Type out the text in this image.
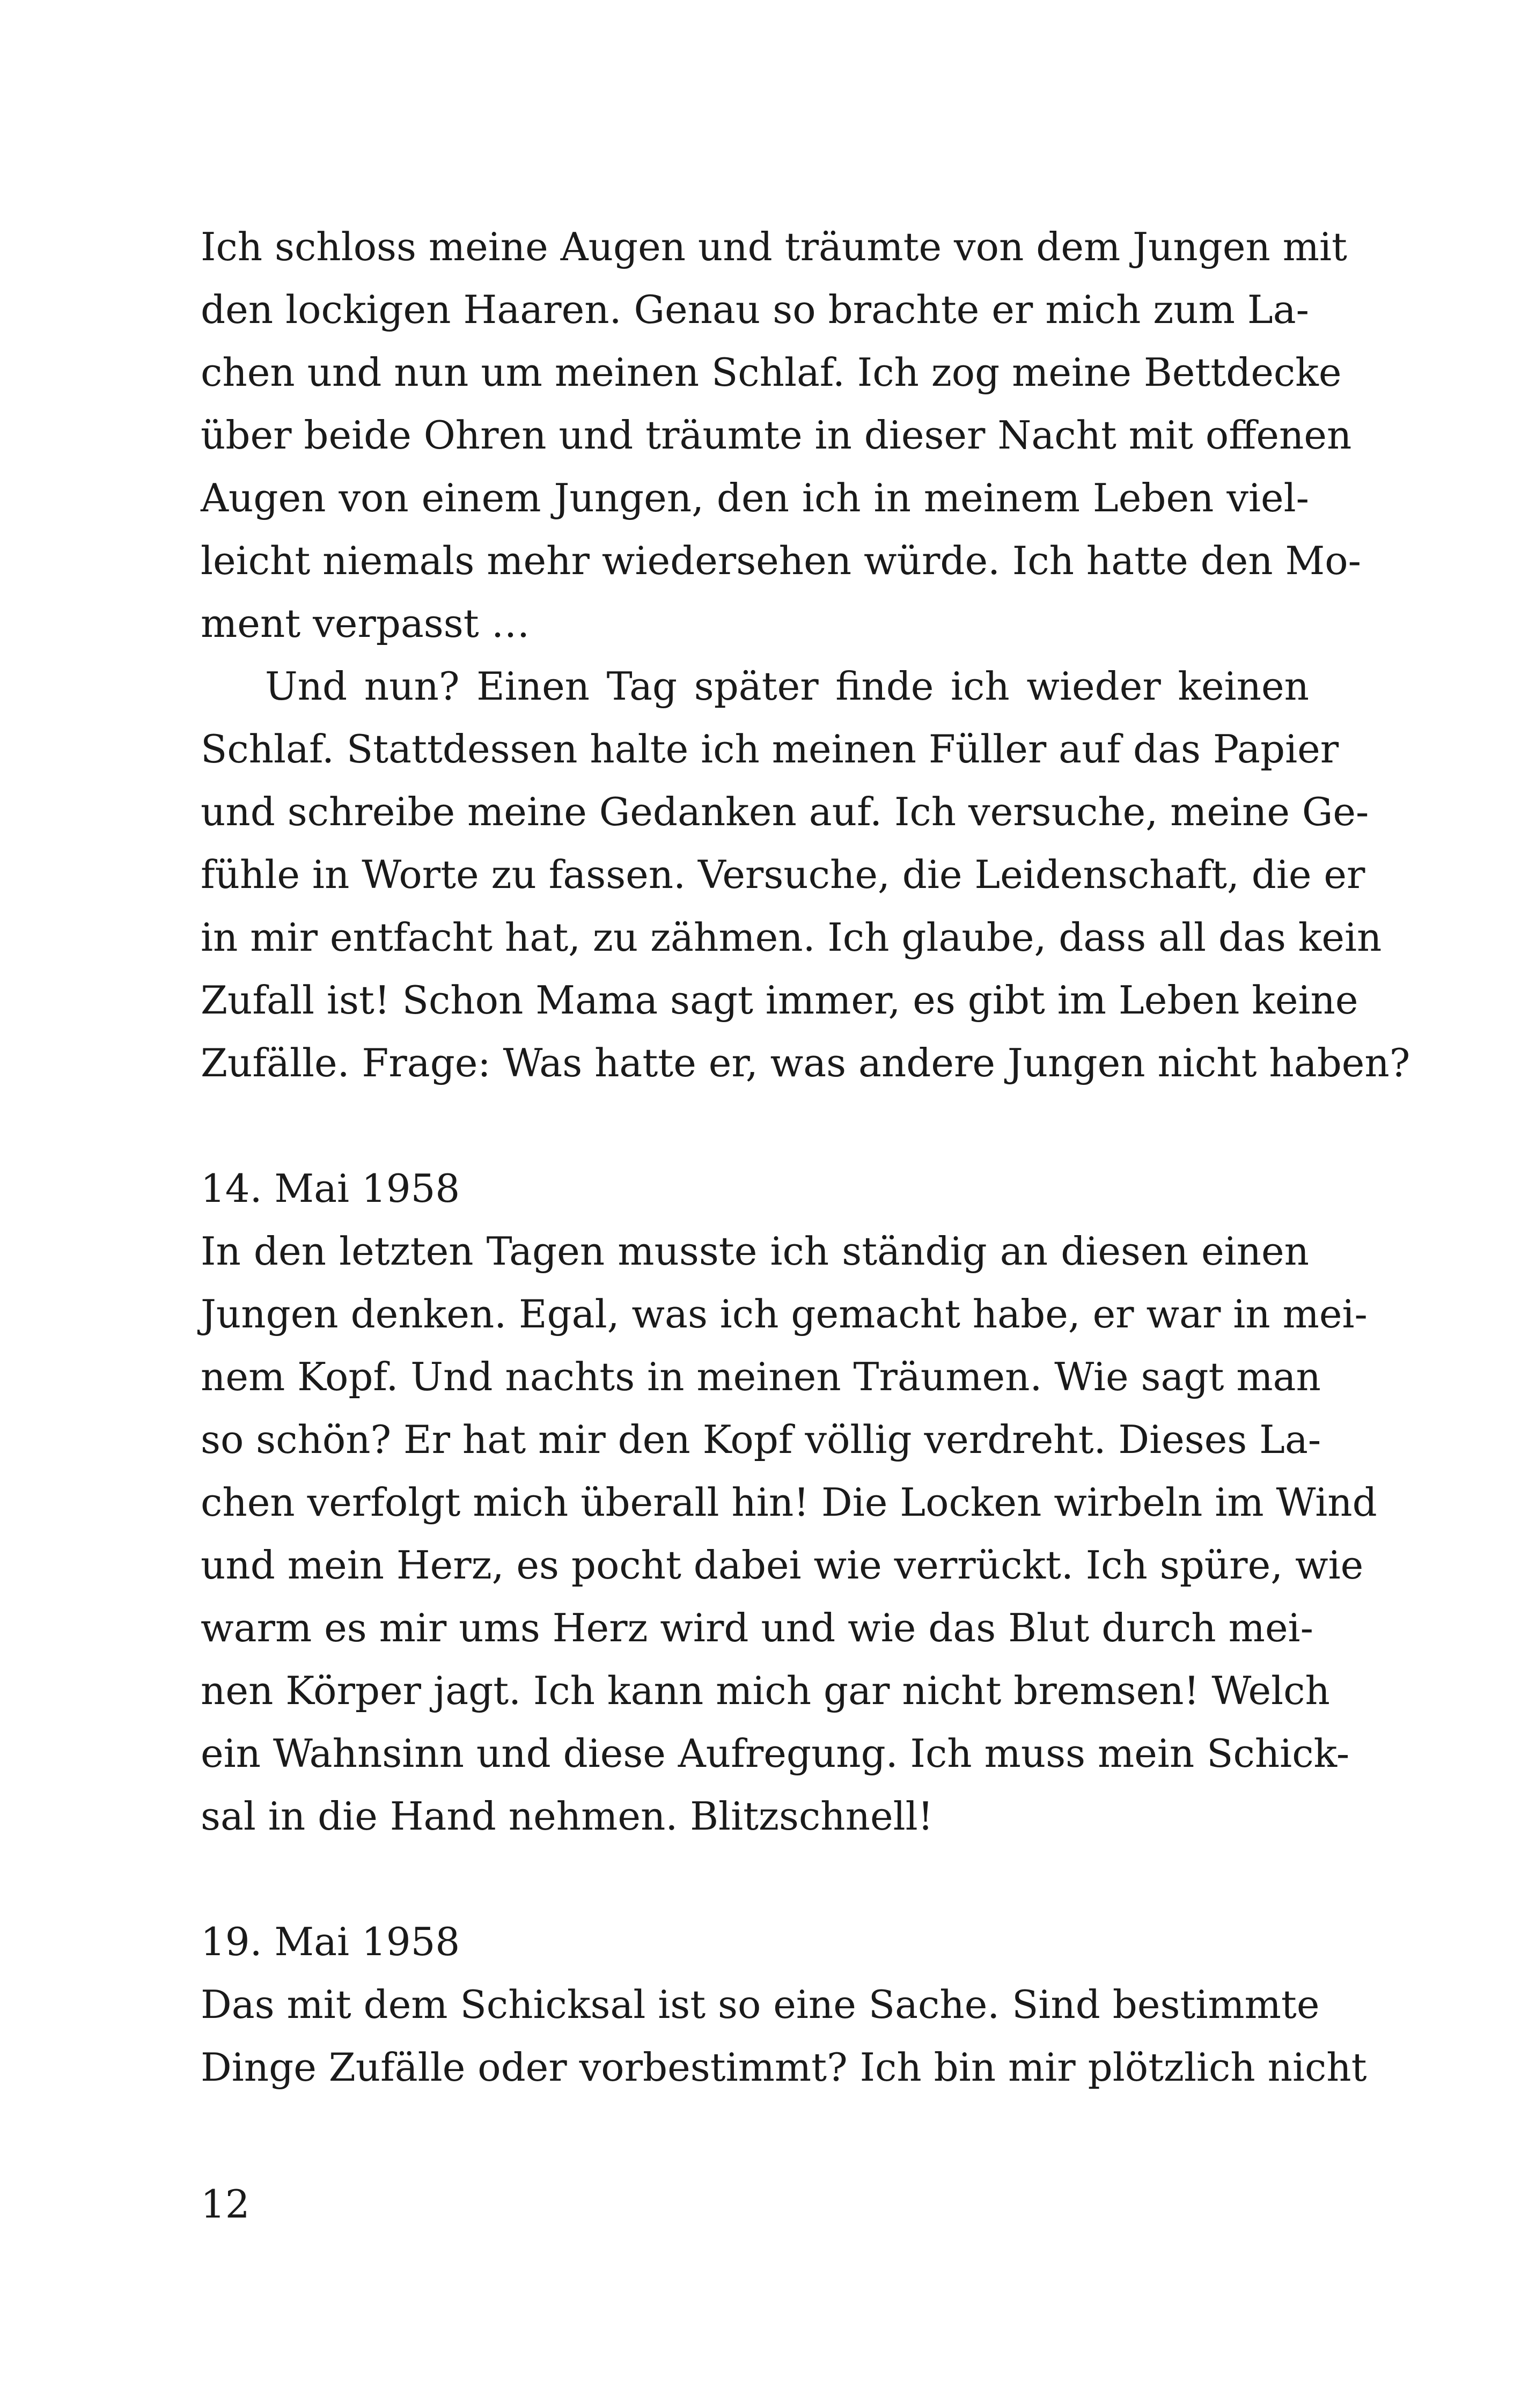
Ich schloss meine Augen und träumte von dem Jungen mit
den lockigen Haaren. Genau so brachte er mich zum La-
chen und nun um meinen Schlaf. Ich zog meine Bettdecke
über beide Ohren und träumte in dieser Nacht mit offenen
Augen von einem Jungen, den ich in meinem Leben viel-
leicht niemals mehr wiedersehen würde. Ich hatte den Mo-
ment verpasst …
Und nun? Einen Tag später finde ich wieder keinen
Schlaf. Stattdessen halte ich meinen Füller auf das Papier
und schreibe meine Gedanken auf. Ich versuche, meine Ge-
fühle in Worte zu fassen. Versuche, die Leidenschaft, die er
in mir entfacht hat, zu zähmen. Ich glaube, dass all das kein
Zufall ist! Schon Mama sagt immer, es gibt im Leben keine
Zufälle. Frage: Was hatte er, was andere Jungen nicht haben?
14. Mai 1958
In den letzten Tagen musste ich ständig an diesen einen
Jungen denken. Egal, was ich gemacht habe, er war in mei-
nem Kopf. Und nachts in meinen Träumen. Wie sagt man
so schön? Er hat mir den Kopf völlig verdreht. Dieses La-
chen verfolgt mich überall hin! Die Locken wirbeln im Wind
und mein Herz, es pocht dabei wie verrückt. Ich spüre, wie
warm es mir ums Herz wird und wie das Blut durch mei-
nen Körper jagt. Ich kann mich gar nicht bremsen! Welch
ein Wahnsinn und diese Aufregung. Ich muss mein Schick-
sal in die Hand nehmen. Blitzschnell!
19. Mai 1958
Das mit dem Schicksal ist so eine Sache. Sind bestimmte
Dinge Zufälle oder vorbestimmt? Ich bin mir plötzlich nicht
12
